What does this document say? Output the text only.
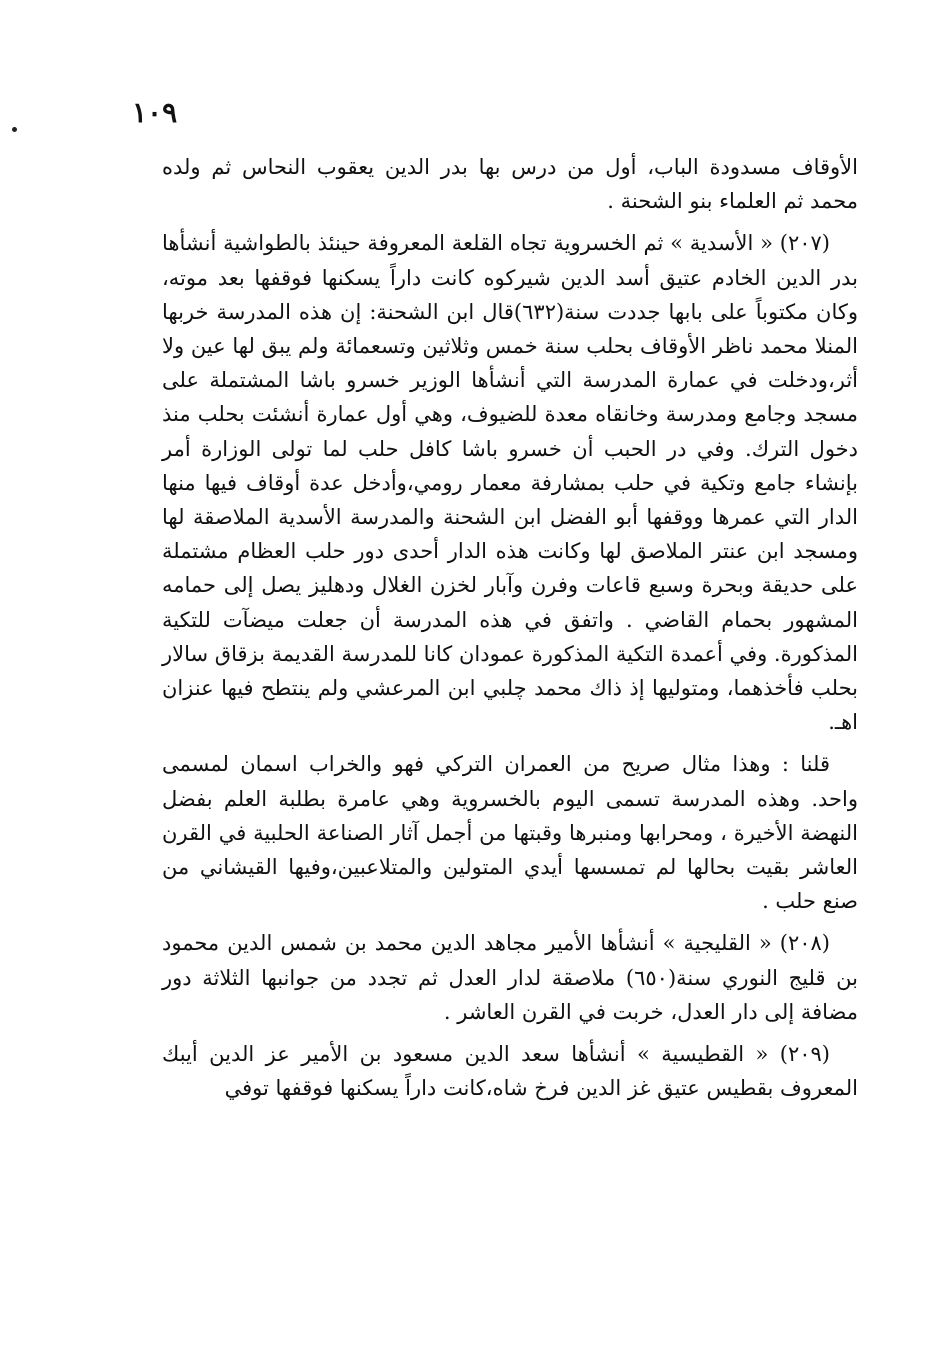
١٠٩

الأوقاف مسدودة الباب، أول من درس بها بدر الدين يعقوب النحاس ثم ولده محمد ثم العلماء بنو الشحنة .

(٢٠٧) « الأسدية » ثم الخسروية تجاه القلعة المعروفة حينئذ بالطواشية أنشأها بدر الدين الخادم عتيق أسد الدين شيركوه كانت داراً يسكنها فوقفها بعد موته، وكان مكتوباً على بابها جددت سنة(٦٣٢)قال ابن الشحنة: إن هذه المدرسة خربها المنلا محمد ناظر الأوقاف بحلب سنة خمس وثلاثين وتسعمائة ولم يبق لها عين ولا أثر،ودخلت في عمارة المدرسة التي أنشأها الوزير خسرو باشا المشتملة على مسجد وجامع ومدرسة وخانقاه معدة للضيوف، وهي أول عمارة أنشئت بحلب منذ دخول الترك. وفي در الحبب أن خسرو باشا كافل حلب لما تولى الوزارة أمر بإنشاء جامع وتكية في حلب بمشارفة معمار رومي،وأدخل عدة أوقاف فيها منها الدار التي عمرها ووقفها أبو الفضل ابن الشحنة والمدرسة الأسدية الملاصقة لها ومسجد ابن عنتر الملاصق لها وكانت هذه الدار أحدى دور حلب العظام مشتملة على حديقة وبحرة وسبع قاعات وفرن وآبار لخزن الغلال ودهليز يصل إلى حمامه المشهور بحمام القاضي . واتفق في هذه المدرسة أن جعلت ميضآت للتكية المذكورة. وفي أعمدة التكية المذكورة عمودان كانا للمدرسة القديمة بزقاق سالار بحلب فأخذهما، ومتوليها إذ ذاك محمد چلبي ابن المرعشي ولم ينتطح فيها عنزان اهـ.

قلنا : وهذا مثال صريح من العمران التركي فهو والخراب اسمان لمسمى واحد. وهذه المدرسة تسمى اليوم بالخسروية وهي عامرة بطلبة العلم بفضل النهضة الأخيرة ، ومحرابها ومنبرها وقبتها من أجمل آثار الصناعة الحلبية في القرن العاشر بقيت بحالها لم تمسسها أيدي المتولين والمتلاعبين،وفيها القيشاني من صنع حلب .

(٢٠٨) « القليجية » أنشأها الأمير مجاهد الدين محمد بن شمس الدين محمود بن قليج النوري سنة(٦٥٠) ملاصقة لدار العدل ثم تجدد من جوانبها الثلاثة دور مضافة إلى دار العدل، خربت في القرن العاشر .

(٢٠٩) « القطيسية » أنشأها سعد الدين مسعود بن الأمير عز الدين أيبك المعروف بقطيس عتيق غز الدين فرخ شاه،كانت داراً يسكنها فوقفها توفي
